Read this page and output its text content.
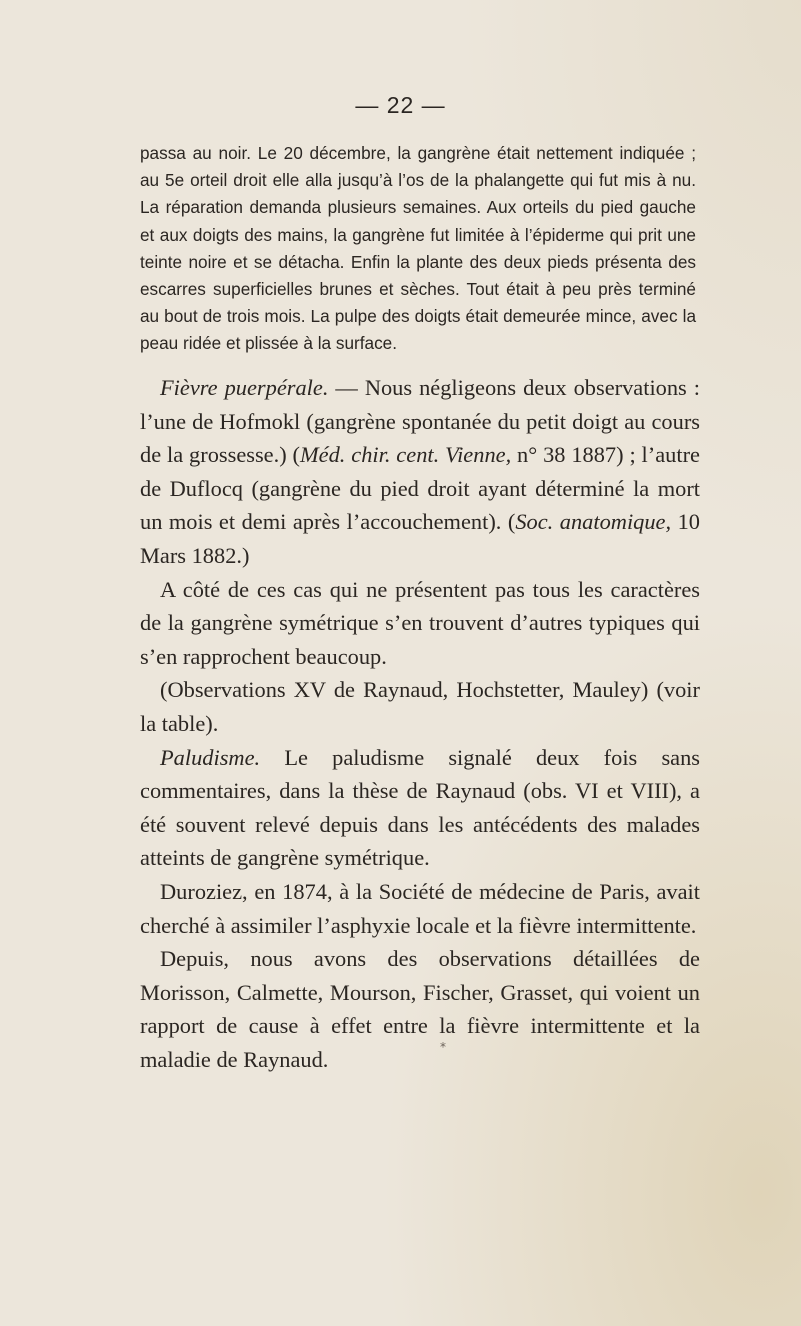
— 22 —

passa au noir. Le 20 décembre, la gangrène était nettement indiquée ; au 5e orteil droit elle alla jusqu’à l’os de la phalangette qui fut mis à nu. La réparation demanda plusieurs semaines. Aux orteils du pied gauche et aux doigts des mains, la gangrène fut limitée à l’épiderme qui prit une teinte noire et se détacha. Enfin la plante des deux pieds présenta des escarres superficielles brunes et sèches. Tout était à peu près terminé au bout de trois mois. La pulpe des doigts était demeurée mince, avec la peau ridée et plissée à la surface.

Fièvre puerpérale. — Nous négligeons deux observations : l’une de Hofmokl (gangrène spontanée du petit doigt au cours de la grossesse.) (Méd. chir. cent. Vienne, n° 38 1887) ; l’autre de Duflocq (gangrène du pied droit ayant déterminé la mort un mois et demi après l’accouchement). (Soc. anatomique, 10 Mars 1882.)

A côté de ces cas qui ne présentent pas tous les caractères de la gangrène symétrique s’en trouvent d’autres typiques qui s’en rapprochent beaucoup.

(Observations XV de Raynaud, Hochstetter, Mauley) (voir la table).

Paludisme. Le paludisme signalé deux fois sans commentaires, dans la thèse de Raynaud (obs. VI et VIII), a été souvent relevé depuis dans les antécédents des malades atteints de gangrène symétrique.

Duroziez, en 1874, à la Société de médecine de Paris, avait cherché à assimiler l’asphyxie locale et la fièvre intermittente.

Depuis, nous avons des observations détaillées de Morisson, Calmette, Mourson, Fischer, Grasset, qui voient un rapport de cause à effet entre la fièvre intermittente et la maladie de Raynaud.	*
